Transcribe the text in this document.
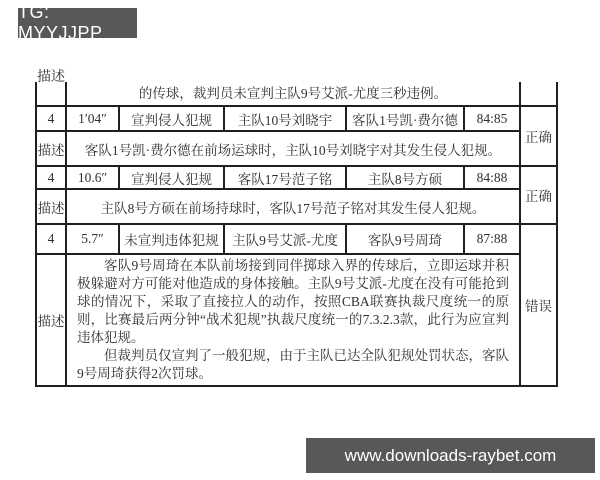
TG: MYYJJPP
描述	的传球，裁判员未宣判主队9号艾派-尤度三秒违例。					
4	1′04″	宣判侵人犯规	主队10号刘晓宇	客队1号凯·费尔德	84:85	正确
描述	客队1号凯·费尔德在前场运球时，主队10号刘晓宇对其发生侵人犯规。					
4	10.6″	宣判侵人犯规	客队17号范子铭	主队8号方硕	84:88	正确
描述	主队8号方硕在前场持球时，客队17号范子铭对其发生侵人犯规。					
4	5.7″	未宣判违体犯规	主队9号艾派-尤度	客队9号周琦	87:88	错误
描述	客队9号周琦在本队前场接到同伴掷球入界的传球后，立即运球并积极躲避对方可能对他造成的身体接触。主队9号艾派-尤度在没有可能抢到球的情况下，采取了直接拉人的动作，按照CBA联赛执裁尺度统一的原则，比赛最后两分钟“战术犯规”执裁尺度统一的7.3.2.3款，此行为应宣判违体犯规。

但裁判员仅宣判了一般犯规，由于主队已达全队犯规处罚状态，客队9号周琦获得2次罚球。					

www.downloads-raybet.com
